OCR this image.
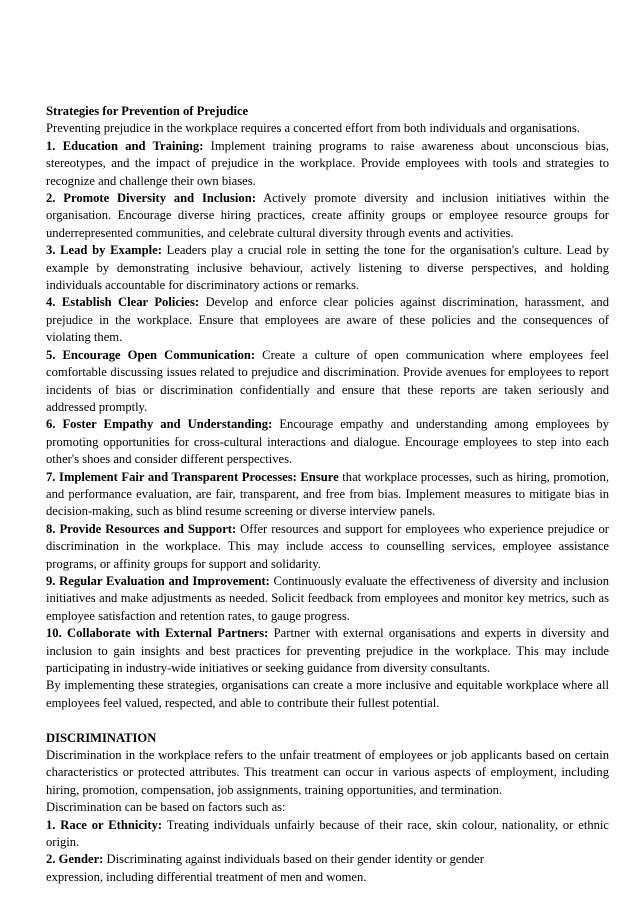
Strategies for Prevention of Prejudice

Preventing prejudice in the workplace requires a concerted effort from both individuals and organisations.

1. Education and Training: Implement training programs to raise awareness about unconscious bias, stereotypes, and the impact of prejudice in the workplace. Provide employees with tools and strategies to recognize and challenge their own biases.

2. Promote Diversity and Inclusion: Actively promote diversity and inclusion initiatives within the organisation. Encourage diverse hiring practices, create affinity groups or employee resource groups for underrepresented communities, and celebrate cultural diversity through events and activities.

3. Lead by Example: Leaders play a crucial role in setting the tone for the organisation's culture. Lead by example by demonstrating inclusive behaviour, actively listening to diverse perspectives, and holding individuals accountable for discriminatory actions or remarks.

4. Establish Clear Policies: Develop and enforce clear policies against discrimination, harassment, and prejudice in the workplace. Ensure that employees are aware of these policies and the consequences of violating them.

5. Encourage Open Communication: Create a culture of open communication where employees feel comfortable discussing issues related to prejudice and discrimination. Provide avenues for employees to report incidents of bias or discrimination confidentially and ensure that these reports are taken seriously and addressed promptly.

6. Foster Empathy and Understanding: Encourage empathy and understanding among employees by promoting opportunities for cross-cultural interactions and dialogue. Encourage employees to step into each other's shoes and consider different perspectives.

7. Implement Fair and Transparent Processes: Ensure that workplace processes, such as hiring, promotion, and performance evaluation, are fair, transparent, and free from bias. Implement measures to mitigate bias in decision-making, such as blind resume screening or diverse interview panels.

8. Provide Resources and Support: Offer resources and support for employees who experience prejudice or discrimination in the workplace. This may include access to counselling services, employee assistance programs, or affinity groups for support and solidarity.

9. Regular Evaluation and Improvement: Continuously evaluate the effectiveness of diversity and inclusion initiatives and make adjustments as needed. Solicit feedback from employees and monitor key metrics, such as employee satisfaction and retention rates, to gauge progress.

10. Collaborate with External Partners: Partner with external organisations and experts in diversity and inclusion to gain insights and best practices for preventing prejudice in the workplace. This may include participating in industry-wide initiatives or seeking guidance from diversity consultants.

By implementing these strategies, organisations can create a more inclusive and equitable workplace where all employees feel valued, respected, and able to contribute their fullest potential.

DISCRIMINATION

Discrimination in the workplace refers to the unfair treatment of employees or job applicants based on certain characteristics or protected attributes. This treatment can occur in various aspects of employment, including hiring, promotion, compensation, job assignments, training opportunities, and termination.

Discrimination can be based on factors such as:

1. Race or Ethnicity: Treating individuals unfairly because of their race, skin colour, nationality, or ethnic origin.

2. Gender: Discriminating against individuals based on their gender identity or gender
expression, including differential treatment of men and women.
